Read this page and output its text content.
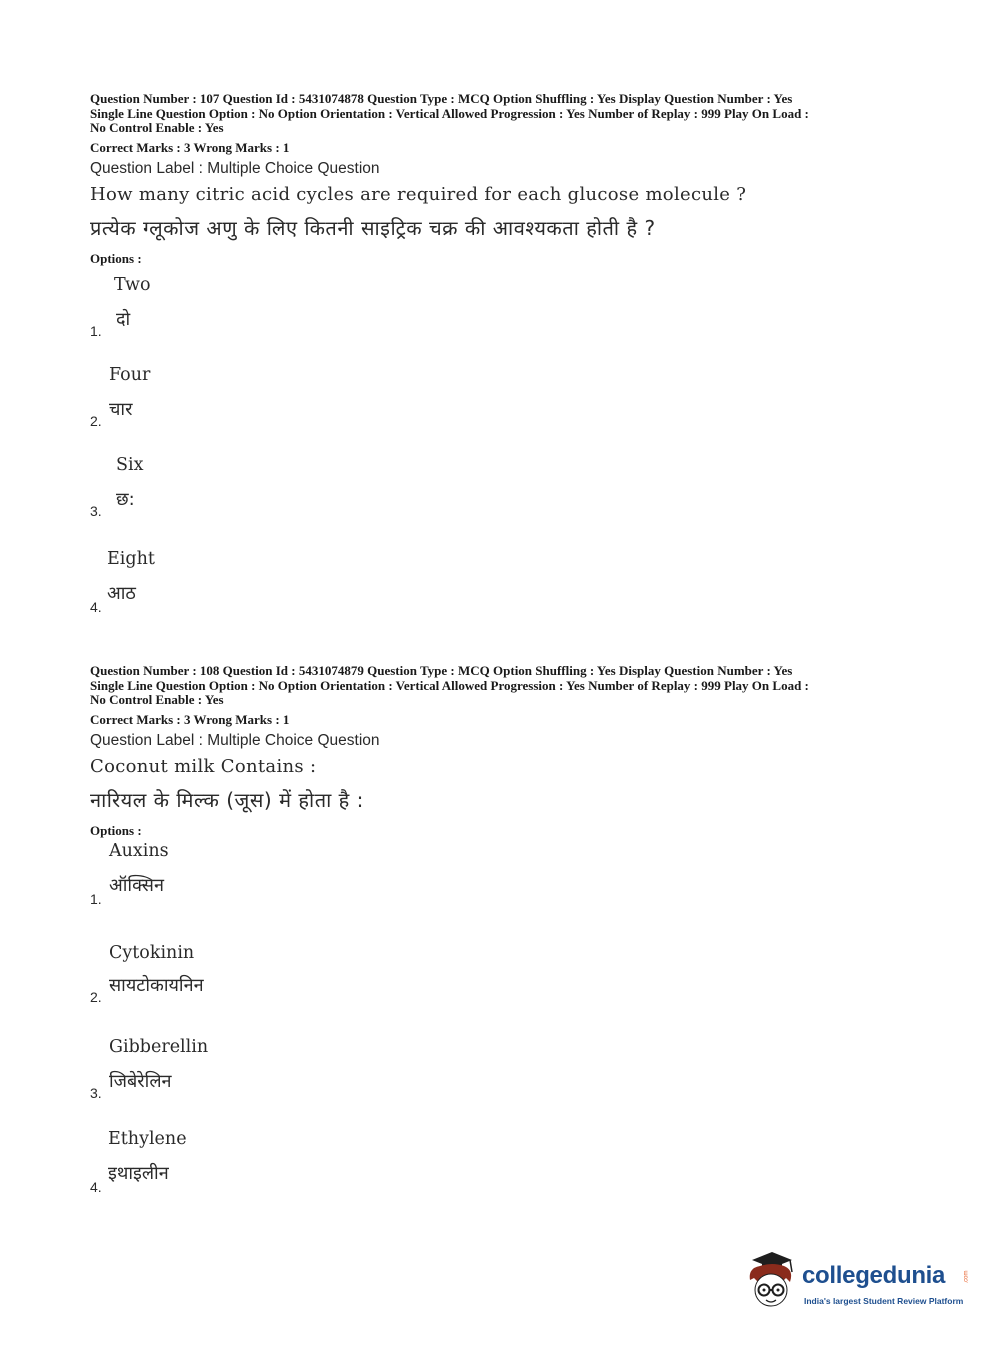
Question Number : 107 Question Id : 5431074878 Question Type : MCQ Option Shuffling : Yes Display Question Number : Yes

Single Line Question Option : No Option Orientation : Vertical Allowed Progression : Yes Number of Replay : 999 Play On Load :

No Control Enable : Yes

Correct Marks : 3 Wrong Marks : 1
Question Label : Multiple Choice Question
How many citric acid cycles are required for each glucose molecule ?
प्रत्येक ग्लूकोज अणु के लिए कितनी साइट्रिक चक्र की आवश्यकता होती है ?
Options :
Two
दो
1.
Four
चार
2.
Six
छ:
3.
Eight
आठ
4.

Question Number : 108 Question Id : 5431074879 Question Type : MCQ Option Shuffling : Yes Display Question Number : Yes

Single Line Question Option : No Option Orientation : Vertical Allowed Progression : Yes Number of Replay : 999 Play On Load :

No Control Enable : Yes

Correct Marks : 3 Wrong Marks : 1
Question Label : Multiple Choice Question
Coconut milk Contains :
नारियल के मिल्क (जूस) में होता है :
Options :
Auxins
ऑक्सिन
1.
Cytokinin
सायटोकायनिन
2.
Gibberellin
जिबेरेलिन
3.
Ethylene
इथाइलीन
4.
collegedunia	.com
India's largest Student Review Platform
